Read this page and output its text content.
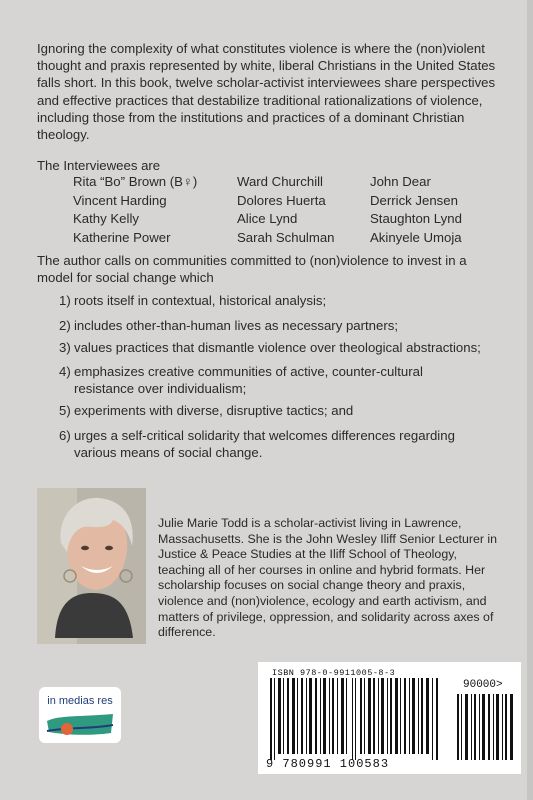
Ignoring the complexity of what constitutes violence is where the (non)violent thought and praxis represented by white, liberal Christians in the United States falls short. In this book, twelve scholar-activist interviewees share perspectives and effective practices that destabilize traditional rationalizations of violence, including those from the institutions and practices of a dominant Christian theology.
The Interviewees are
Rita “Bo” Brown (B♀)
Vincent Harding
Kathy Kelly
Katherine Power
Ward Churchill
Dolores Huerta
Alice Lynd
Sarah Schulman
John Dear
Derrick Jensen
Staughton Lynd
Akinyele Umoja
The author calls on communities committed to (non)violence to invest in a model for social change which
1) roots itself in contextual, historical analysis;
2) includes other-than-human lives as necessary partners;
3) values practices that dismantle violence over theological abstractions;
4) emphasizes creative communities of active, counter-cultural resistance over individualism;
5) experiments with diverse, disruptive tactics; and
6) urges a self-critical solidarity that welcomes differences regarding various means of social change.
Julie Marie Todd is a scholar-activist living in Lawrence, Massachusetts. She is the John Wesley Iliff Senior Lecturer in Justice & Peace Studies at the Iliff School of Theology, teaching all of her courses in online and hybrid formats. Her scholarship focuses on social change theory and praxis, violence and (non)violence, ecology and earth activism, and matters of privilege, oppression, and solidarity across axes of difference.
in medias res
ISBN 978-0-9911005-8-3
90000>
9 780991 100583
